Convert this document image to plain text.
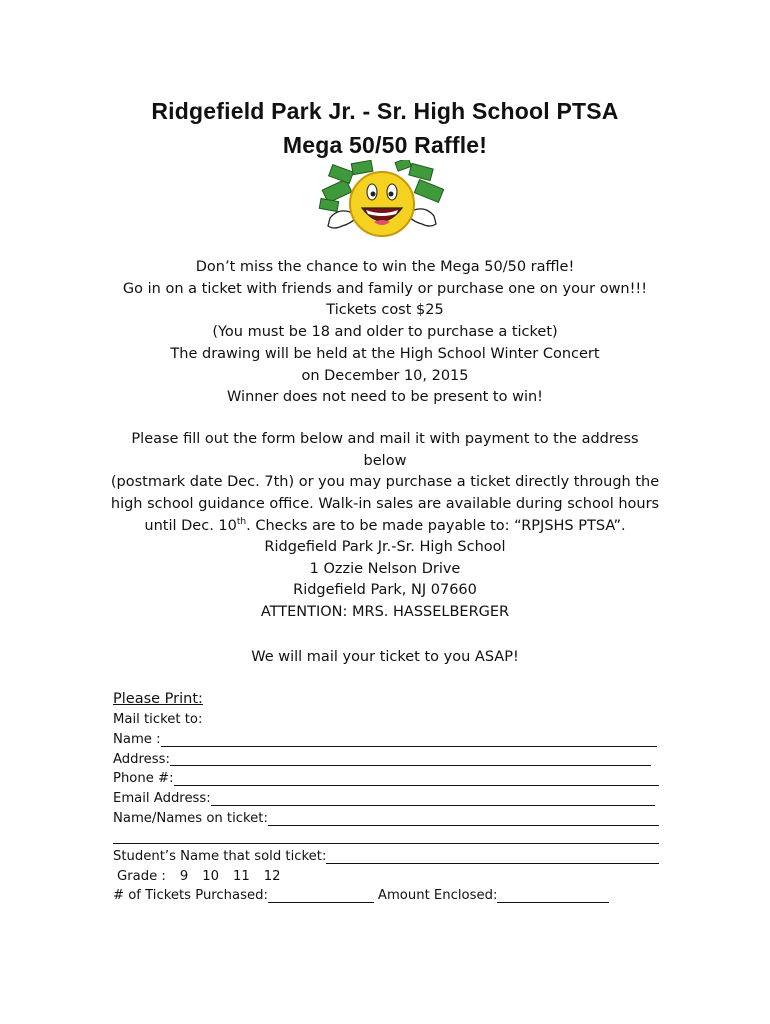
Ridgefield Park Jr. - Sr. High School PTSA
Mega 50/50 Raffle!
Don’t miss the chance to win the Mega 50/50 raffle!
Go in on a ticket with friends and family or purchase one on your own!!!
Tickets cost $25
(You must be 18 and older to purchase a ticket)
The drawing will be held at the High School Winter Concert
on December 10, 2015
Winner does not need to be present to win!
Please fill out the form below and mail it with payment to the address below
(postmark date Dec. 7th) or you may purchase a ticket directly through the
high school guidance office. Walk-in sales are available during school hours
until Dec. 10th. Checks are to be made payable to: “RPJSHS PTSA”.
Ridgefield Park Jr.-Sr. High School
1 Ozzie Nelson Drive
Ridgefield Park, NJ 07660
ATTENTION: MRS. HASSELBERGER
We will mail your ticket to you ASAP!
Please Print:
Mail ticket to:
Name :
Address:
Phone #:
Email Address:
Name/Names on ticket:
Student’s Name that sold ticket:
Grade : 9 10 11 12
# of Tickets Purchased:	Amount Enclosed:
